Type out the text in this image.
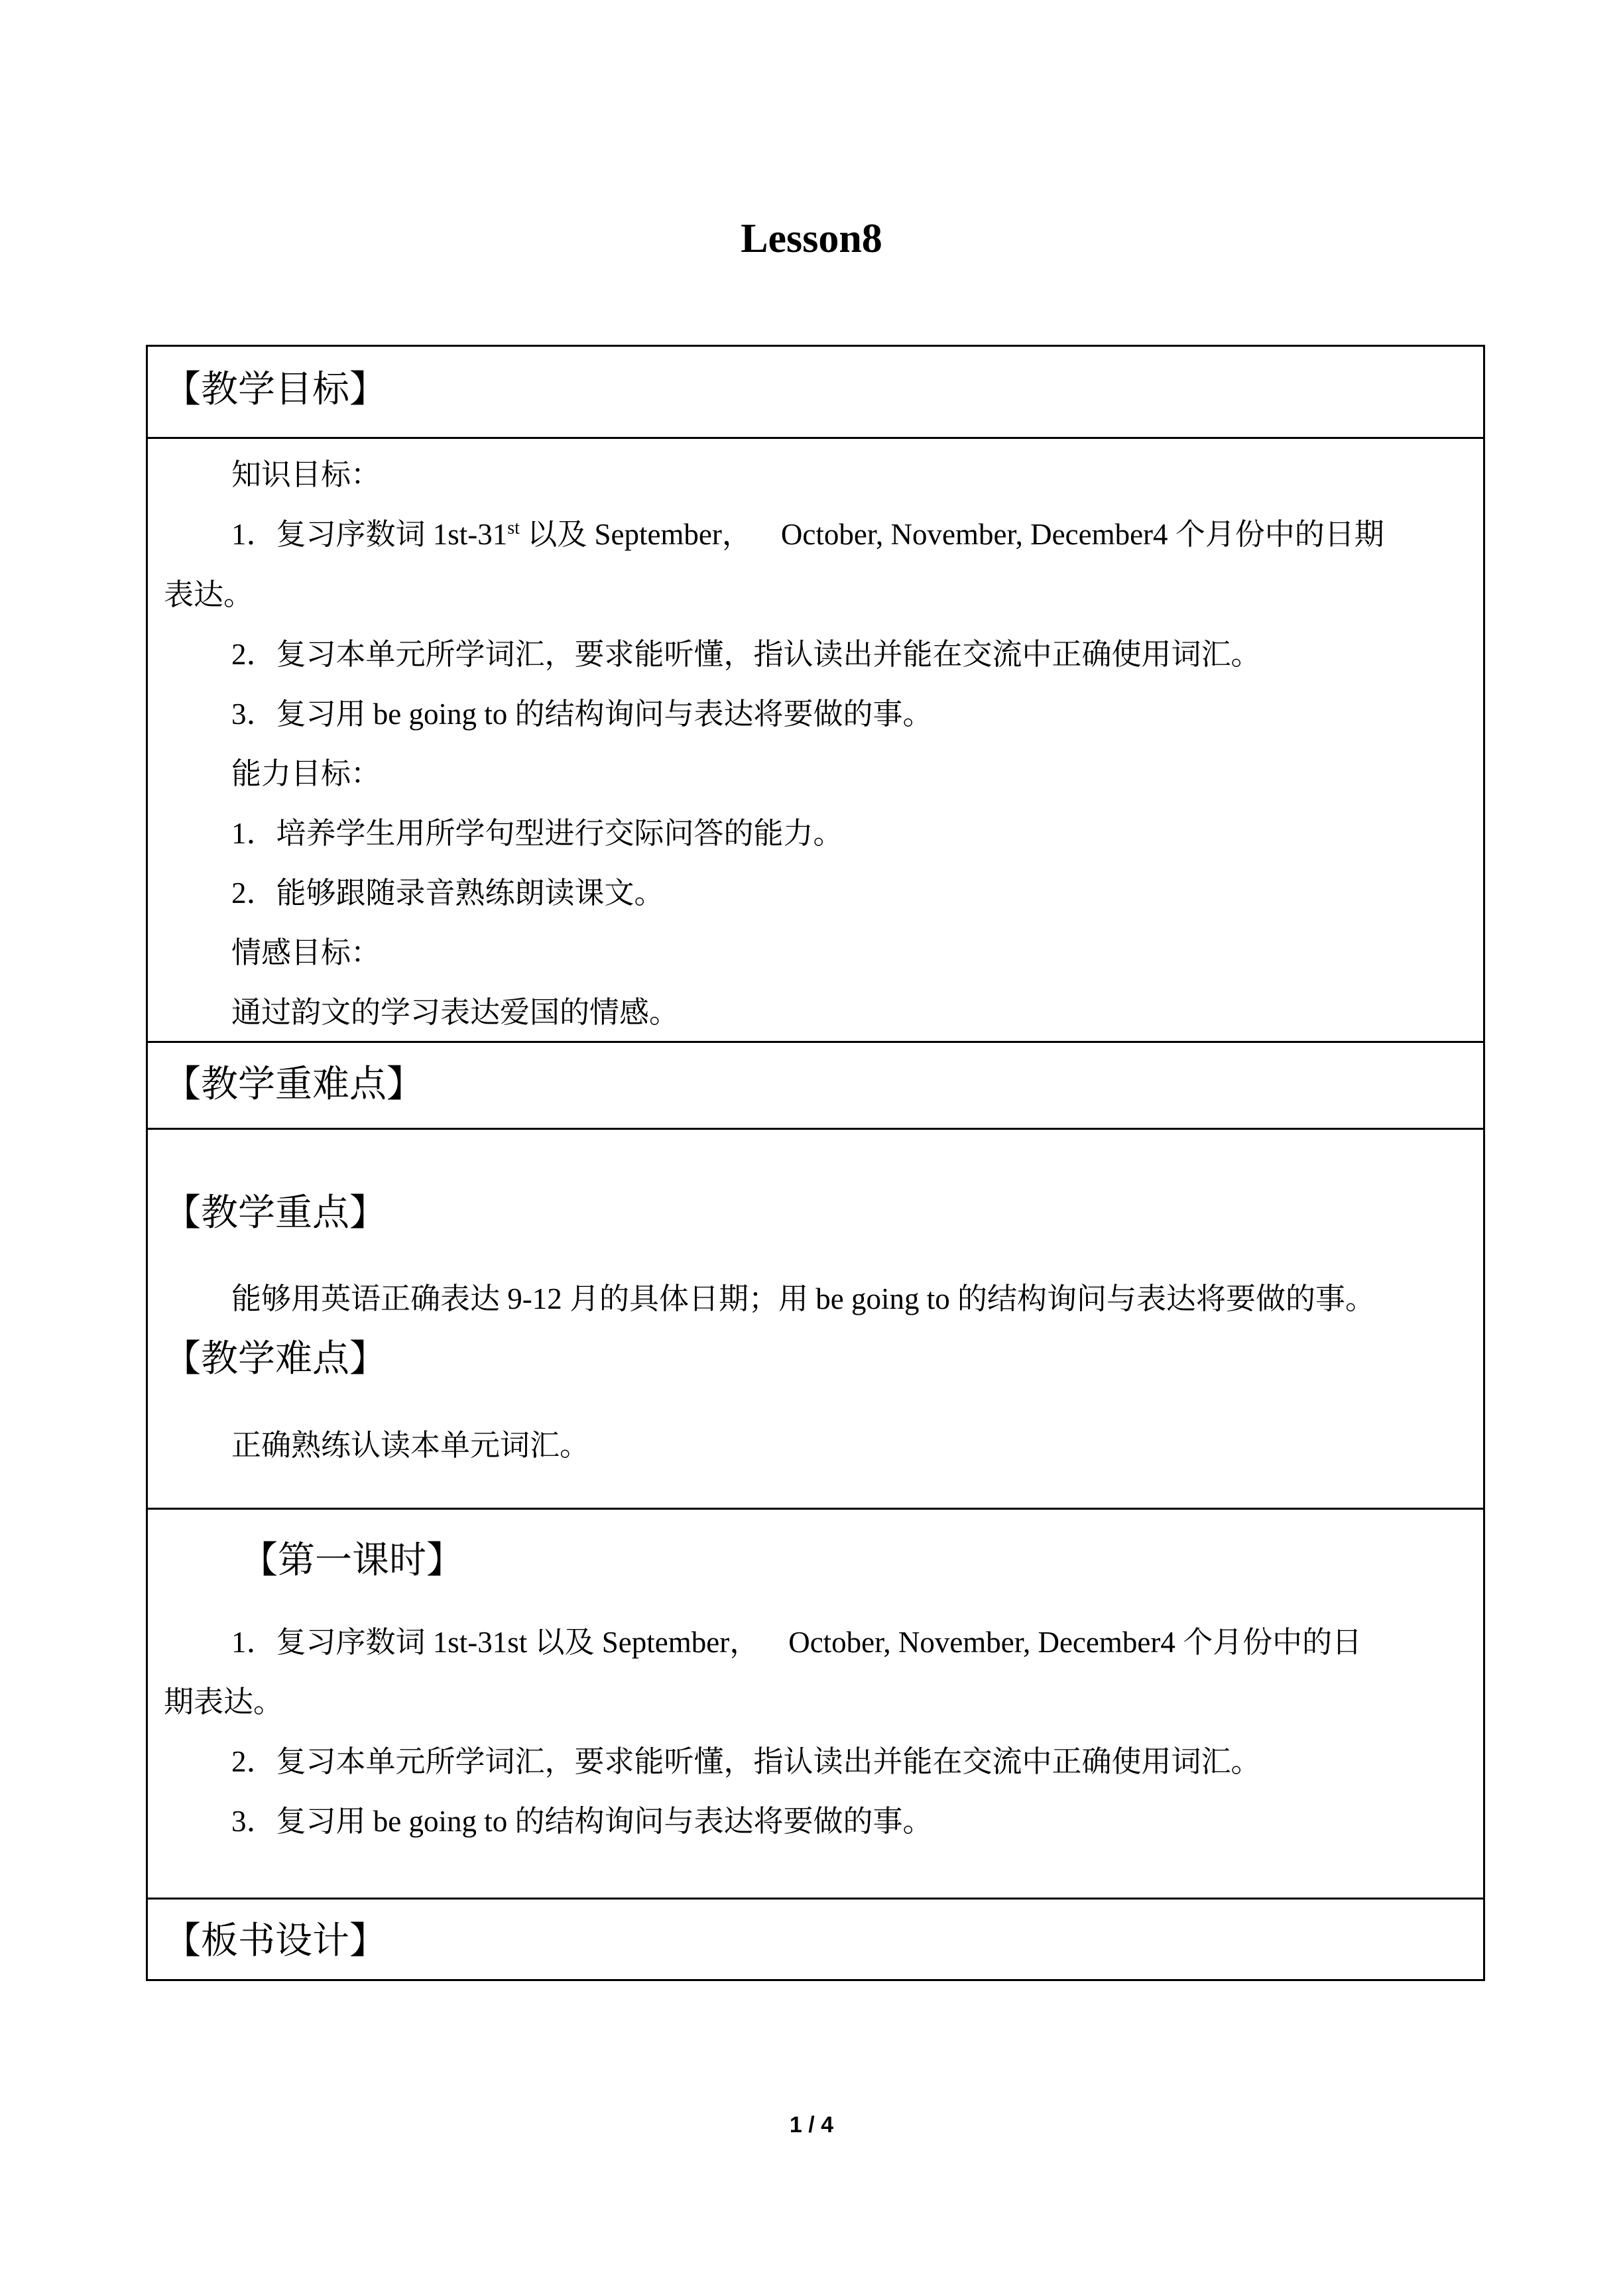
Lesson8
【教学目标】
知识目标：
1．复习序数词 1st-31st 以及 September， October, November, December4 个月份中的日期
表达。
2．复习本单元所学词汇，要求能听懂，指认读出并能在交流中正确使用词汇。
3．复习用 be going to 的结构询问与表达将要做的事。
能力目标：
1．培养学生用所学句型进行交际问答的能力。
2．能够跟随录音熟练朗读课文。
情感目标：
通过韵文的学习表达爱国的情感。
【教学重难点】
【教学重点】
能够用英语正确表达 9-12 月的具体日期；用 be going to 的结构询问与表达将要做的事。
【教学难点】
正确熟练认读本单元词汇。
【第一课时】
1．复习序数词 1st-31st 以及 September， October, November, December4 个月份中的日
期表达。
2．复习本单元所学词汇，要求能听懂，指认读出并能在交流中正确使用词汇。
3．复习用 be going to 的结构询问与表达将要做的事。
【板书设计】
1 / 4
